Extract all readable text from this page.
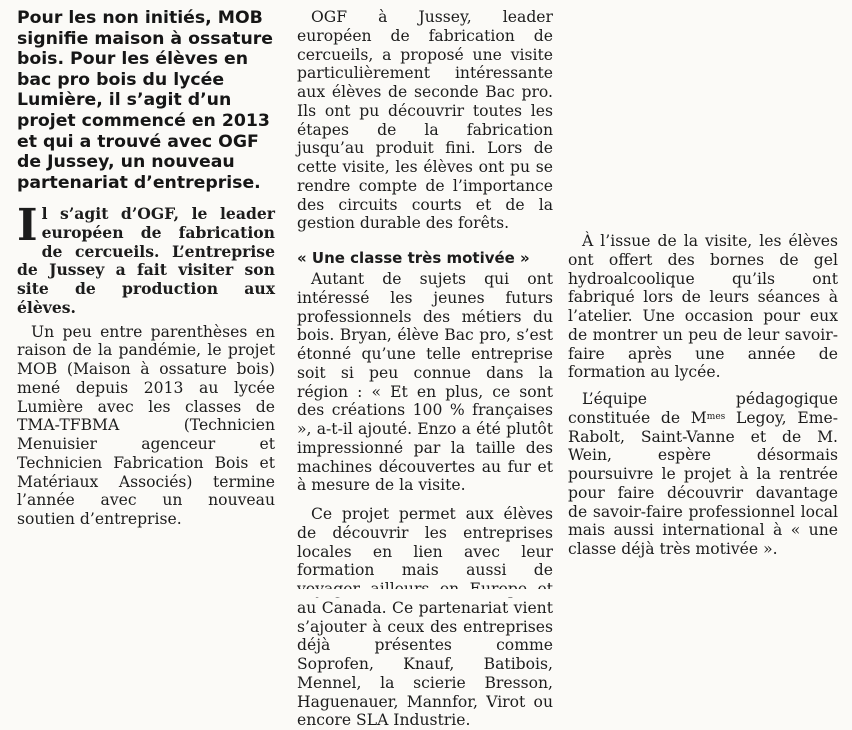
Pour les non initiés, MOB signifie maison à ossature bois. Pour les élèves en bac pro bois du lycée Lumière, il s’agit d’un projet commencé en 2013 et qui a trouvé avec OGF de Jussey, un nouveau partenariat d’entreprise.
Il s’agit d’OGF, le leader européen de fabrication de cercueils. L’entreprise de Jussey a fait visiter son site de production aux élèves.

Un peu entre parenthèses en raison de la pandémie, le projet MOB (Maison à ossature bois) mené depuis 2013 au lycée Lumière avec les classes de TMA-TFBMA (Technicien Menuisier agenceur et Technicien Fabrication Bois et Matériaux Associés) termine l’année avec un nouveau soutien d’entreprise.

OGF à Jussey, leader européen de fabrication de cercueils, a proposé une visite particulièrement intéressante aux élèves de seconde Bac pro. Ils ont pu découvrir toutes les étapes de la fabrication jusqu’au produit fini. Lors de cette visite, les élèves ont pu se rendre compte de l’importance des circuits courts et de la gestion durable des forêts.

« Une classe très motivée »

Autant de sujets qui ont intéressé les jeunes futurs professionnels des métiers du bois. Bryan, élève Bac pro, s’est étonné qu’une telle entreprise soit si peu connue dans la région : « Et en plus, ce sont des créations 100 % françaises », a-t-il ajouté. Enzo a été plutôt impressionné par la taille des machines découvertes au fur et à mesure de la visite.

Ce projet permet aux élèves de découvrir les entreprises locales en lien avec leur formation mais aussi de au Canada. Ce partenariat vient s’ajouter à ceux des entreprises déjà présentes comme Soprofen, Knauf, Batibois, Mennel, la scierie Bresson, Haguenauer, Mannfor, Virot ou encore SLA Industrie.

À l’issue de la visite, les élèves ont offert des bornes de gel hydroalcoolique qu’ils ont fabriqué lors de leurs séances à l’atelier. Une occasion pour eux de montrer un peu de leur savoir-faire après une année de formation au lycée.

L’équipe pédagogique constituée de $M^{mes}$ Legoy, Eme-Rabolt, Saint-Vanne et de M. Wein, espère désormais poursuivre le projet à la rentrée pour faire découvrir davantage de savoir-faire professionnel local mais aussi international à « une classe déjà très motivée ».
